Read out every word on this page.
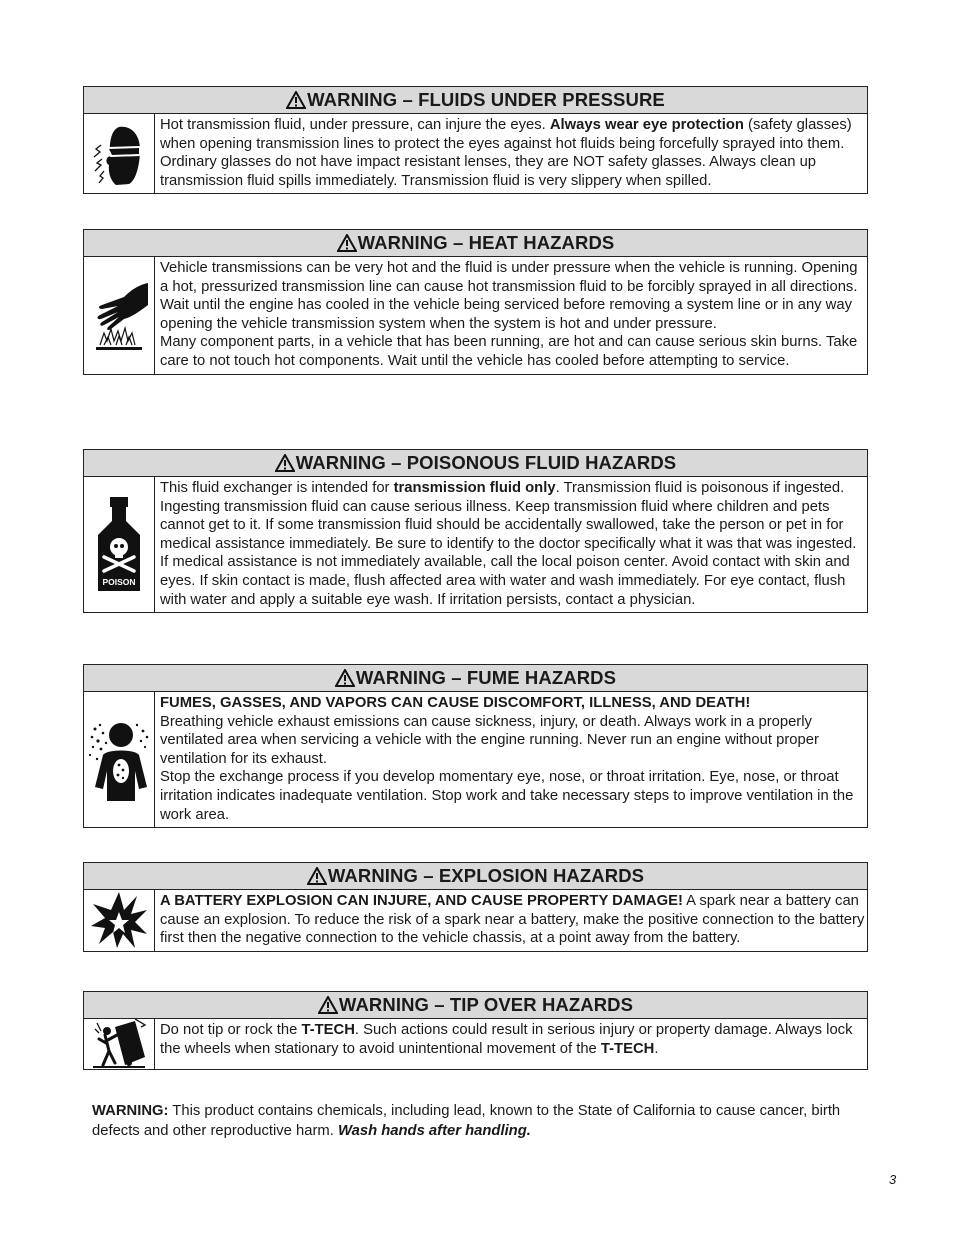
WARNING – FLUIDS UNDER PRESSURE

Hot transmission fluid, under pressure, can injure the eyes. Always wear eye protection (safety glasses) when opening transmission lines to protect the eyes against hot fluids being forcefully sprayed into them. Ordinary glasses do not have impact resistant lenses, they are NOT safety glasses. Always clean up transmission fluid spills immediately. Transmission fluid is very slippery when spilled.

WARNING – HEAT HAZARDS

Vehicle transmissions can be very hot and the fluid is under pressure when the vehicle is running. Opening a hot, pressurized transmission line can cause hot transmission fluid to be forcibly sprayed in all directions. Wait until the engine has cooled in the vehicle being serviced before removing a system line or in any way opening the vehicle transmission system when the system is hot and under pressure.

Many component parts, in a vehicle that has been running, are hot and can cause serious skin burns. Take care to not touch hot components. Wait until the vehicle has cooled before attempting to service.

WARNING – POISONOUS FLUID HAZARDS
POISON

This fluid exchanger is intended for transmission fluid only. Transmission fluid is poisonous if ingested. Ingesting transmission fluid can cause serious illness. Keep transmission fluid where children and pets cannot get to it. If some transmission fluid should be accidentally swallowed, take the person or pet in for medical assistance immediately. Be sure to identify to the doctor specifically what it was that was ingested. If medical assistance is not immediately available, call the local poison center. Avoid contact with skin and eyes. If skin contact is made, flush affected area with water and wash immediately. For eye contact, flush with water and apply a suitable eye wash. If irritation persists, contact a physician.

WARNING – FUME HAZARDS

FUMES, GASSES, AND VAPORS CAN CAUSE DISCOMFORT, ILLNESS, AND DEATH!

Breathing vehicle exhaust emissions can cause sickness, injury, or death. Always work in a properly ventilated area when servicing a vehicle with the engine running. Never run an engine without proper ventilation for its exhaust.

Stop the exchange process if you develop momentary eye, nose, or throat irritation. Eye, nose, or throat irritation indicates inadequate ventilation. Stop work and take necessary steps to improve ventilation in the work area.

WARNING – EXPLOSION HAZARDS

A BATTERY EXPLOSION CAN INJURE, AND CAUSE PROPERTY DAMAGE! A spark near a battery can cause an explosion. To reduce the risk of a spark near a battery, make the positive connection to the battery first then the negative connection to the vehicle chassis, at a point away from the battery.

WARNING – TIP OVER HAZARDS

Do not tip or rock the T-TECH. Such actions could result in serious injury or property damage. Always lock the wheels when stationary to avoid unintentional movement of the T-TECH.

WARNING: This product contains chemicals, including lead, known to the State of California to cause cancer, birth defects and other reproductive harm. Wash hands after handling.
3
